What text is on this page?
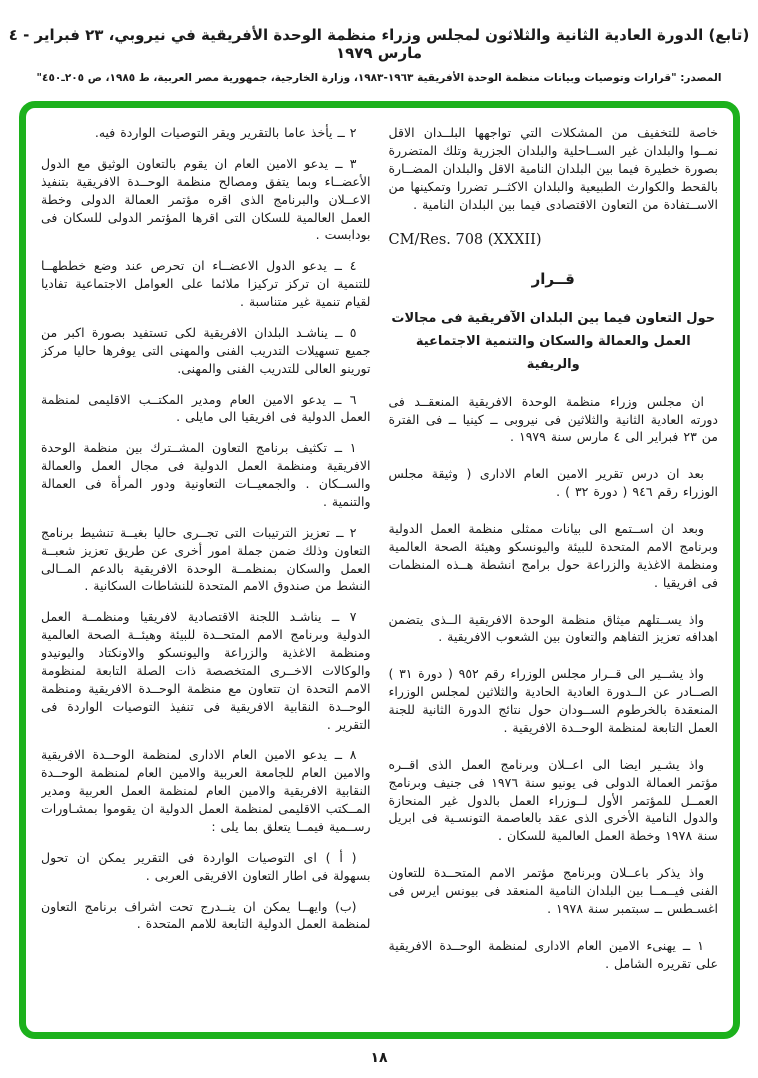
(تابع) الدورة العادية الثانية والثلاثون لمجلس وزراء منظمة الوحدة الأفريقية في نيروبي، ٢٣ فبراير - ٤ مارس ١٩٧٩
المصدر: "قرارات وتوصيات وبيانات منظمة الوحدة الأفريقية ١٩٦٣-١٩٨٣، وزارة الخارجية، جمهورية مصر العربية، ط ١٩٨٥، ص ٢٠٥ـ٤٥٠"

خاصة للتخفيف من المشكلات التي تواجهها البلــدان الاقل نمــوا والبلدان غير الســاحلية والبلدان الجزرية وتلك المتضررة بصورة خطيرة فيما بين البلدان النامية الاقل والبلدان المضــارة بالقحط والكوارث الطبيعية والبلدان الاكثــر تضررا وتمكينها من الاســتفادة من التعاون الاقتصادى فيما بين البلدان النامية .

CM/Res. 708 (XXXII)
قــرار
حول التعاون فيما بين البلدان الآفريقية فى مجالات
العمل والعمالة والسكان والتنمية الاجتماعية والريفية

ان مجلس وزراء منظمة الوحدة الافريقية المنعقــد فى دورته العادية الثانية والثلاثين فى نيروبى ــ كينيا ــ فى الفترة من ٢٣ فبراير الى ٤ مارس سنة ١٩٧٩ .

بعد ان درس تقرير الامين العام الادارى ( وثيقة مجلس الوزراء رقم ٩٤٦ ( دورة ٣٢ ) .

وبعد ان اســتمع الى بيانات ممثلى منظمة العمل الدولية وبرنامج الامم المتحدة للبيئة واليونسكو وهيئة الصحة العالمية ومنظمة الاغذية والزراعة حول برامج انشطة هــذه المنظمات فى افريقيا .

واذ يســتلهم ميثاق منظمة الوحدة الافريقية الــذى يتضمن اهدافه تعزيز التفاهم والتعاون بين الشعوب الافريقية .

واذ يشــير الى قــرار مجلس الوزراء رقم ٩٥٢ ( دورة ٣١ ) الصــادر عن الــدورة العادية الحادية والثلاثين لمجلس الوزراء المنعقدة بالخرطوم الســودان حول نتائج الدورة الثانية للجنة العمل التابعة لمنظمة الوحــدة الافريقية .

واذ يشـير ايضا الى اعــلان وبرنامج العمل الذى اقــره مؤتمر العمالة الدولى فى يونيو سنة ١٩٧٦ فى جنيف وبرنامج العمــل للمؤتمر الأول لــوزراء العمل بالدول غير المنحازة والدول النامية الأخرى الذى عقد بالعاصمة التونسـية فى ابريل سنة ١٩٧٨ وخطة العمل العالمية للسكان .

واذ يذكر باعــلان وبرنامج مؤتمر الامم المتحــدة للتعاون الفنى فيــمــا بين البلدان النامية المنعقد فى بيونس ايرس فى اغسـطس ــ سبتمبر سنة ١٩٧٨ .

١ ــ يهنىء الامين العام الادارى لمنظمة الوحــدة الافريقية على تقريره الشامل .

٢ ــ يأخذ عاما بالتقرير ويقر التوصيات الواردة فيه.

٣ ــ يدعو الامين العام ان يقوم بالتعاون الوثيق مع الدول الأعضــاء وبما يتفق ومصالح منظمة الوحــدة الافريقية بتنفيذ الاعــلان والبرنامج الذى اقره مؤتمر العمالة الدولى وخطة العمل العالمية للسكان التى اقرها المؤتمر الدولى للسكان فى بودابست .

٤ ــ يدعو الدول الاعضــاء ان تحرص عند وضع خططهــا للتنمية ان تركز تركيزا ملائما على العوامل الاجتماعية تفاديا لقيام تنمية غير متناسبة .

٥ ــ يناشـد البلدان الافريقية لكى تستفيد بصورة اكبر من جميع تسهيلات التدريب الفنى والمهنى التى يوفرها حاليا مركز تورينو العالى للتدريب الفنى والمهنى.

٦ ــ يدعو الامين العام ومدير المكتــب الاقليمى لمنظمة العمل الدولية فى افريقيا الى مايلى .

١ ــ تكثيف برنامج التعاون المشــترك بين منظمة الوحدة الافريقية ومنظمة العمل الدولية فى مجال العمل والعمالة والســكان . والجمعيــات التعاونية ودور المرأة فى العمالة والتنمية .

٢ ــ تعزيز الترتيبات التى تجــرى حاليا بغيــة تنشيط برنامج التعاون وذلك ضمن جملة امور أخرى عن طريق تعزيز شعبــة العمل والسكان بمنظمــة الوحدة الافريقية بالدعم المــالى النشط من صندوق الامم المتحدة للنشاطات السكانية .

٧ ــ يناشـد اللجنة الاقتصادية لافريقيا ومنظمــة العمل الدولية وبرنامج الامم المتحــدة للبيئة وهيئــة الصحة العالمية ومنظمة الاغذية والزراعة واليونسكو والاونكتاد واليونيدو والوكالات الاخــرى المتخصصة ذات الصلة التابعة لمنظومة الامم التحدة ان تتعاون مع منظمة الوحــدة الافريقية ومنظمة الوحــدة النقابية الافريقية فى تنفيذ التوصيات الواردة فى التقرير .

٨ ــ يدعو الامين العام الادارى لمنظمة الوحــدة الافريقية والامين العام للجامعة العربية والامين العام لمنظمة الوحــدة النقابية الافريقية والامين العام لمنظمة العمل العربية ومدير المــكتب الاقليمى لمنظمة العمل الدولية ان يقوموا بمشـاورات رســمية فيمــا يتعلق بما يلى :

( أ ) اى التوصيات الواردة فى التقرير يمكن ان تحول بسهولة فى اطار التعاون الافريقى العربى .

(ب) وايهــا يمكن ان ينــدرج تحت اشراف برنامج التعاون لمنظمة العمل الدولية التابعة للامم المتحدة .

١٨
